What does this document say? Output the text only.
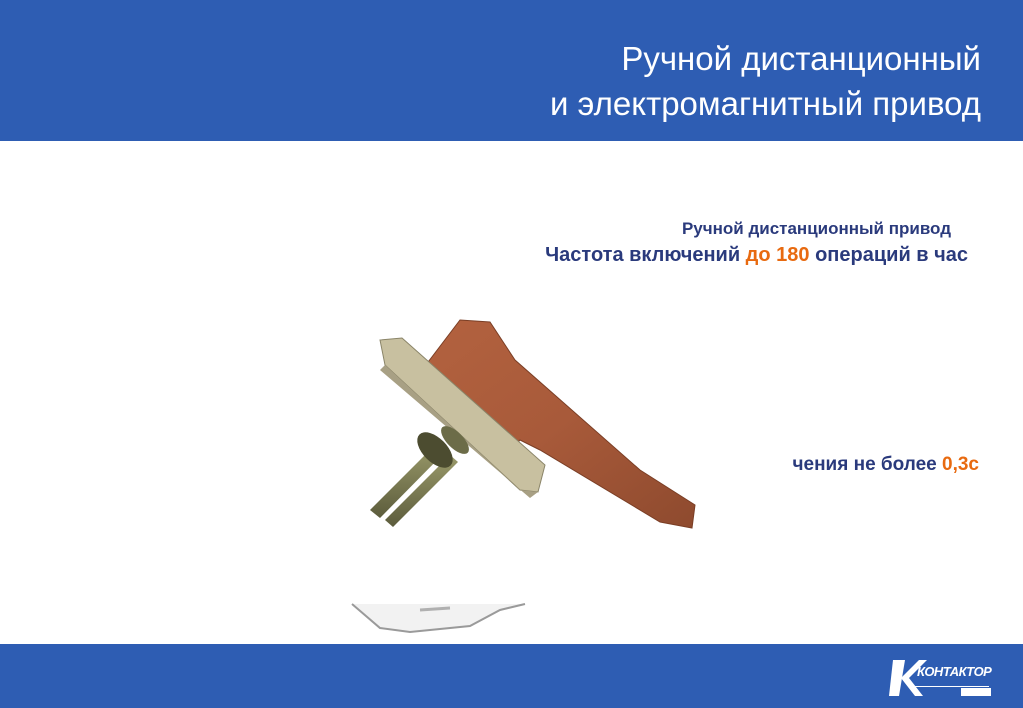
Ручной дистанционный
и электромагнитный привод
Ручной дистанционный привод
Частота включений до 180 операций в час
чения не более 0,3с
КОНТАКТОР
